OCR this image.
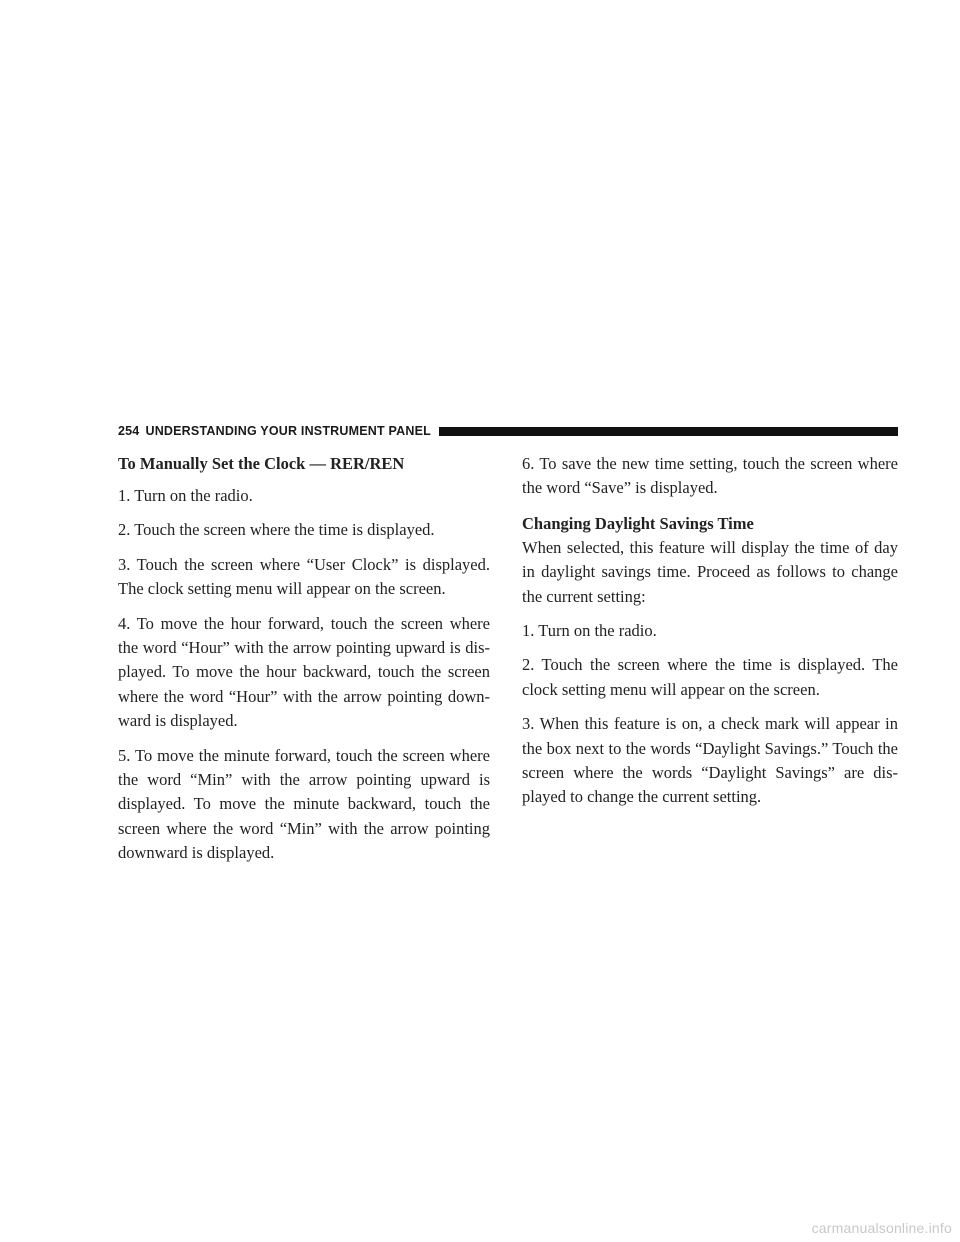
254 UNDERSTANDING YOUR INSTRUMENT PANEL
To Manually Set the Clock — RER/REN

1. Turn on the radio.

2. Touch the screen where the time is displayed.

3. Touch the screen where “User Clock” is displayed. The clock setting menu will appear on the screen.

4. To move the hour forward, touch the screen where the word “Hour” with the arrow pointing upward is dis-played. To move the hour backward, touch the screen where the word “Hour” with the arrow pointing down-ward is displayed.

5. To move the minute forward, touch the screen where the word “Min” with the arrow pointing upward is displayed. To move the minute backward, touch the screen where the word “Min” with the arrow pointing downward is displayed.

6. To save the new time setting, touch the screen where the word “Save” is displayed.

Changing Daylight Savings Time

When selected, this feature will display the time of day in daylight savings time. Proceed as follows to change the current setting:

1. Turn on the radio.

2. Touch the screen where the time is displayed. The clock setting menu will appear on the screen.

3. When this feature is on, a check mark will appear in the box next to the words “Daylight Savings.” Touch the screen where the words “Daylight Savings” are dis-played to change the current setting.

carmanualsonline.info
